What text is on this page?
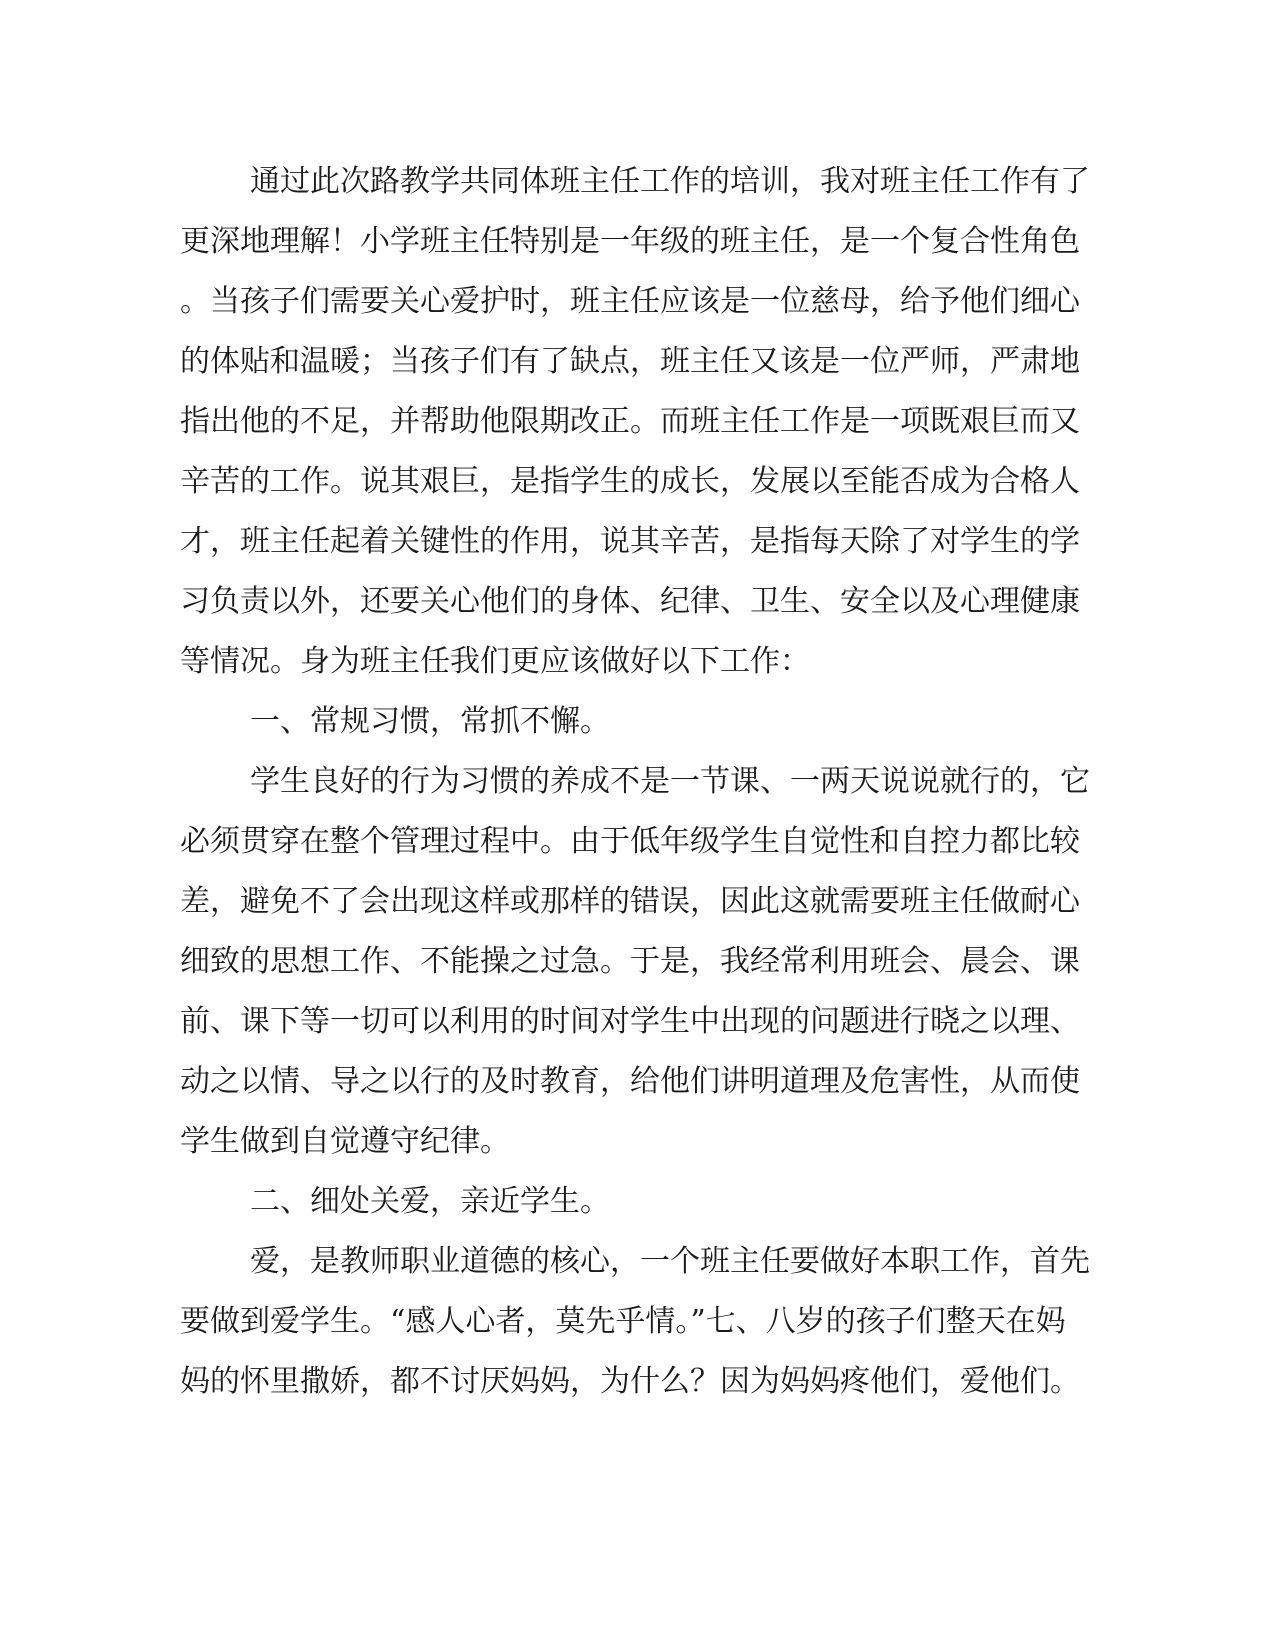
通过此次路教学共同体班主任工作的培训，我对班主任工作有了

更深地理解！小学班主任特别是一年级的班主任，是一个复合性角色

。当孩子们需要关心爱护时，班主任应该是一位慈母，给予他们细心

的体贴和温暖；当孩子们有了缺点，班主任又该是一位严师，严肃地

指出他的不足，并帮助他限期改正。而班主任工作是一项既艰巨而又

辛苦的工作。说其艰巨，是指学生的成长，发展以至能否成为合格人

才，班主任起着关键性的作用，说其辛苦，是指每天除了对学生的学

习负责以外，还要关心他们的身体、纪律、卫生、安全以及心理健康

等情况。身为班主任我们更应该做好以下工作：

一、常规习惯，常抓不懈。

学生良好的行为习惯的养成不是一节课、一两天说说就行的，它

必须贯穿在整个管理过程中。由于低年级学生自觉性和自控力都比较

差，避免不了会出现这样或那样的错误，因此这就需要班主任做耐心

细致的思想工作、不能操之过急。于是，我经常利用班会、晨会、课

前、课下等一切可以利用的时间对学生中出现的问题进行晓之以理、

动之以情、导之以行的及时教育，给他们讲明道理及危害性，从而使

学生做到自觉遵守纪律。

二、细处关爱，亲近学生。

爱，是教师职业道德的核心，一个班主任要做好本职工作，首先

要做到爱学生。“感人心者，莫先乎情。”七、八岁的孩子们整天在妈

妈的怀里撒娇，都不讨厌妈妈，为什么？因为妈妈疼他们，爱他们。
